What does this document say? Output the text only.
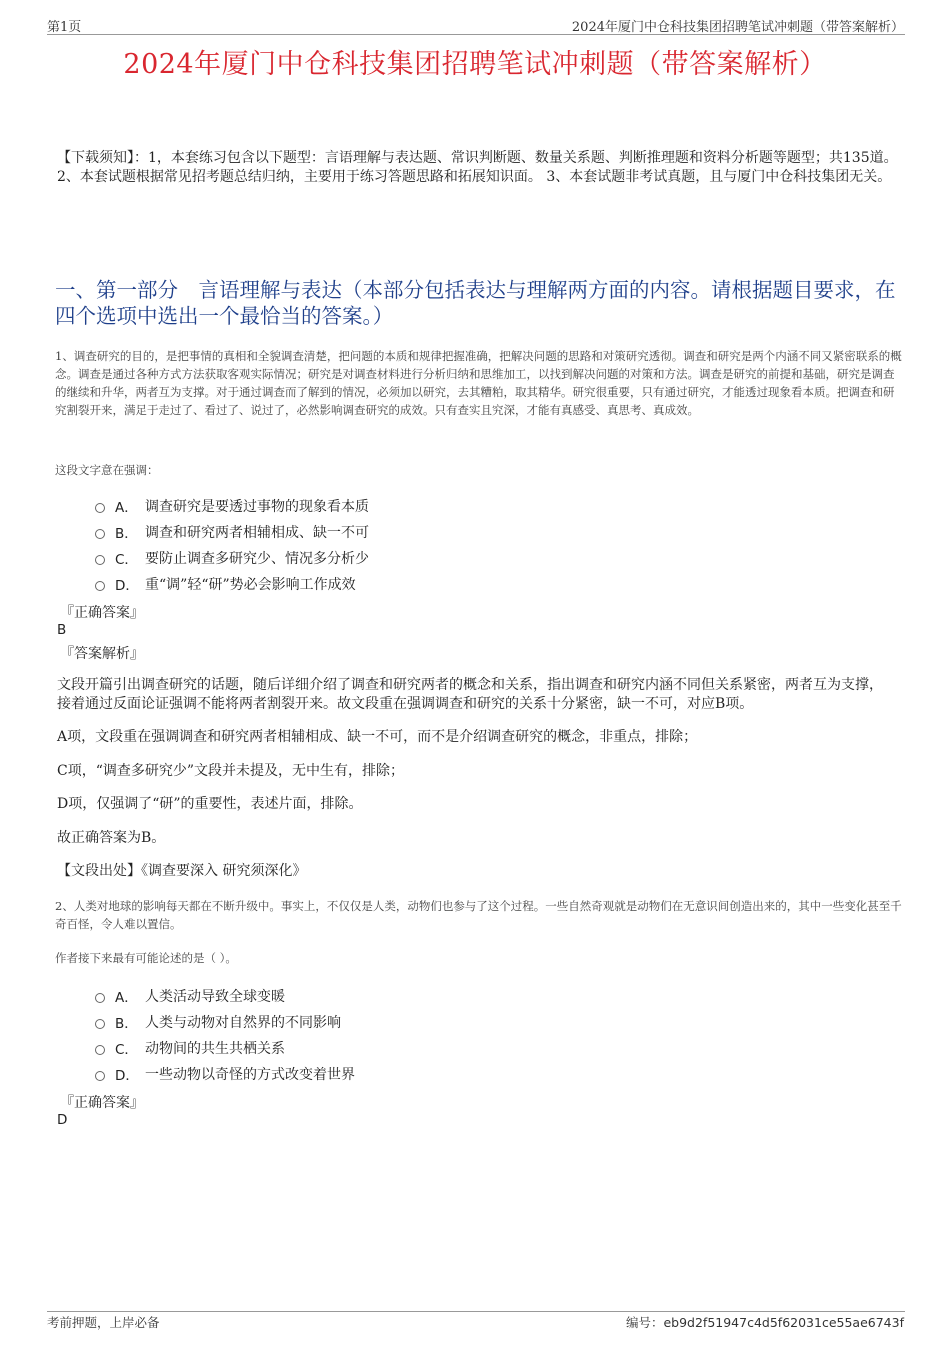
第1页	2024年厦门中仓科技集团招聘笔试冲刺题（带答案解析）
2024年厦门中仓科技集团招聘笔试冲刺题（带答案解析）
【下载须知】：1，本套练习包含以下题型：言语理解与表达题、常识判断题、数量关系题、判断推理题和资料分析题等题型；共135道。 2、本套试题根据常见招考题总结归纳，主要用于练习答题思路和拓展知识面。 3、本套试题非考试真题，且与厦门中仓科技集团无关。
一、第一部分　言语理解与表达（本部分包括表达与理解两方面的内容。请根据题目要求，在四个选项中选出一个最恰当的答案。）
1、调查研究的目的，是把事情的真相和全貌调查清楚，把问题的本质和规律把握准确，把解决问题的思路和对策研究透彻。调查和研究是两个内涵不同又紧密联系的概念。调查是通过各种方式方法获取客观实际情况；研究是对调查材料进行分析归纳和思维加工，以找到解决问题的对策和方法。调查是研究的前提和基础，研究是调查的继续和升华，两者互为支撑。对于通过调查而了解到的情况，必须加以研究，去其糟粕，取其精华。研究很重要，只有通过研究，才能透过现象看本质。把调查和研究割裂开来，满足于走过了、看过了、说过了，必然影响调查研究的成效。只有查实且究深，才能有真感受、真思考、真成效。
这段文字意在强调：
A． 调查研究是要透过事物的现象看本质
B． 调查和研究两者相辅相成、缺一不可
C． 要防止调查多研究少、情况多分析少
D． 重“调”轻“研”势必会影响工作成效
『正确答案』
B
『答案解析』
文段开篇引出调查研究的话题，随后详细介绍了调查和研究两者的概念和关系，指出调查和研究内涵不同但关系紧密，两者互为支撑，接着通过反面论证强调不能将两者割裂开来。故文段重在强调调查和研究的关系十分紧密，缺一不可，对应B项。
A项，文段重在强调调查和研究两者相辅相成、缺一不可，而不是介绍调查研究的概念，非重点，排除；
C项，“调查多研究少”文段并未提及，无中生有，排除；
D项，仅强调了“研”的重要性，表述片面，排除。
故正确答案为B。
【文段出处】《调查要深入 研究须深化》
2、人类对地球的影响每天都在不断升级中。事实上，不仅仅是人类，动物们也参与了这个过程。一些自然奇观就是动物们在无意识间创造出来的，其中一些变化甚至千奇百怪，令人难以置信。
作者接下来最有可能论述的是（ ）。
A． 人类活动导致全球变暖
B． 人类与动物对自然界的不同影响
C． 动物间的共生共栖关系
D． 一些动物以奇怪的方式改变着世界
『正确答案』
D
考前押题，上岸必备	编号：eb9d2f51947c4d5f62031ce55ae6743f
